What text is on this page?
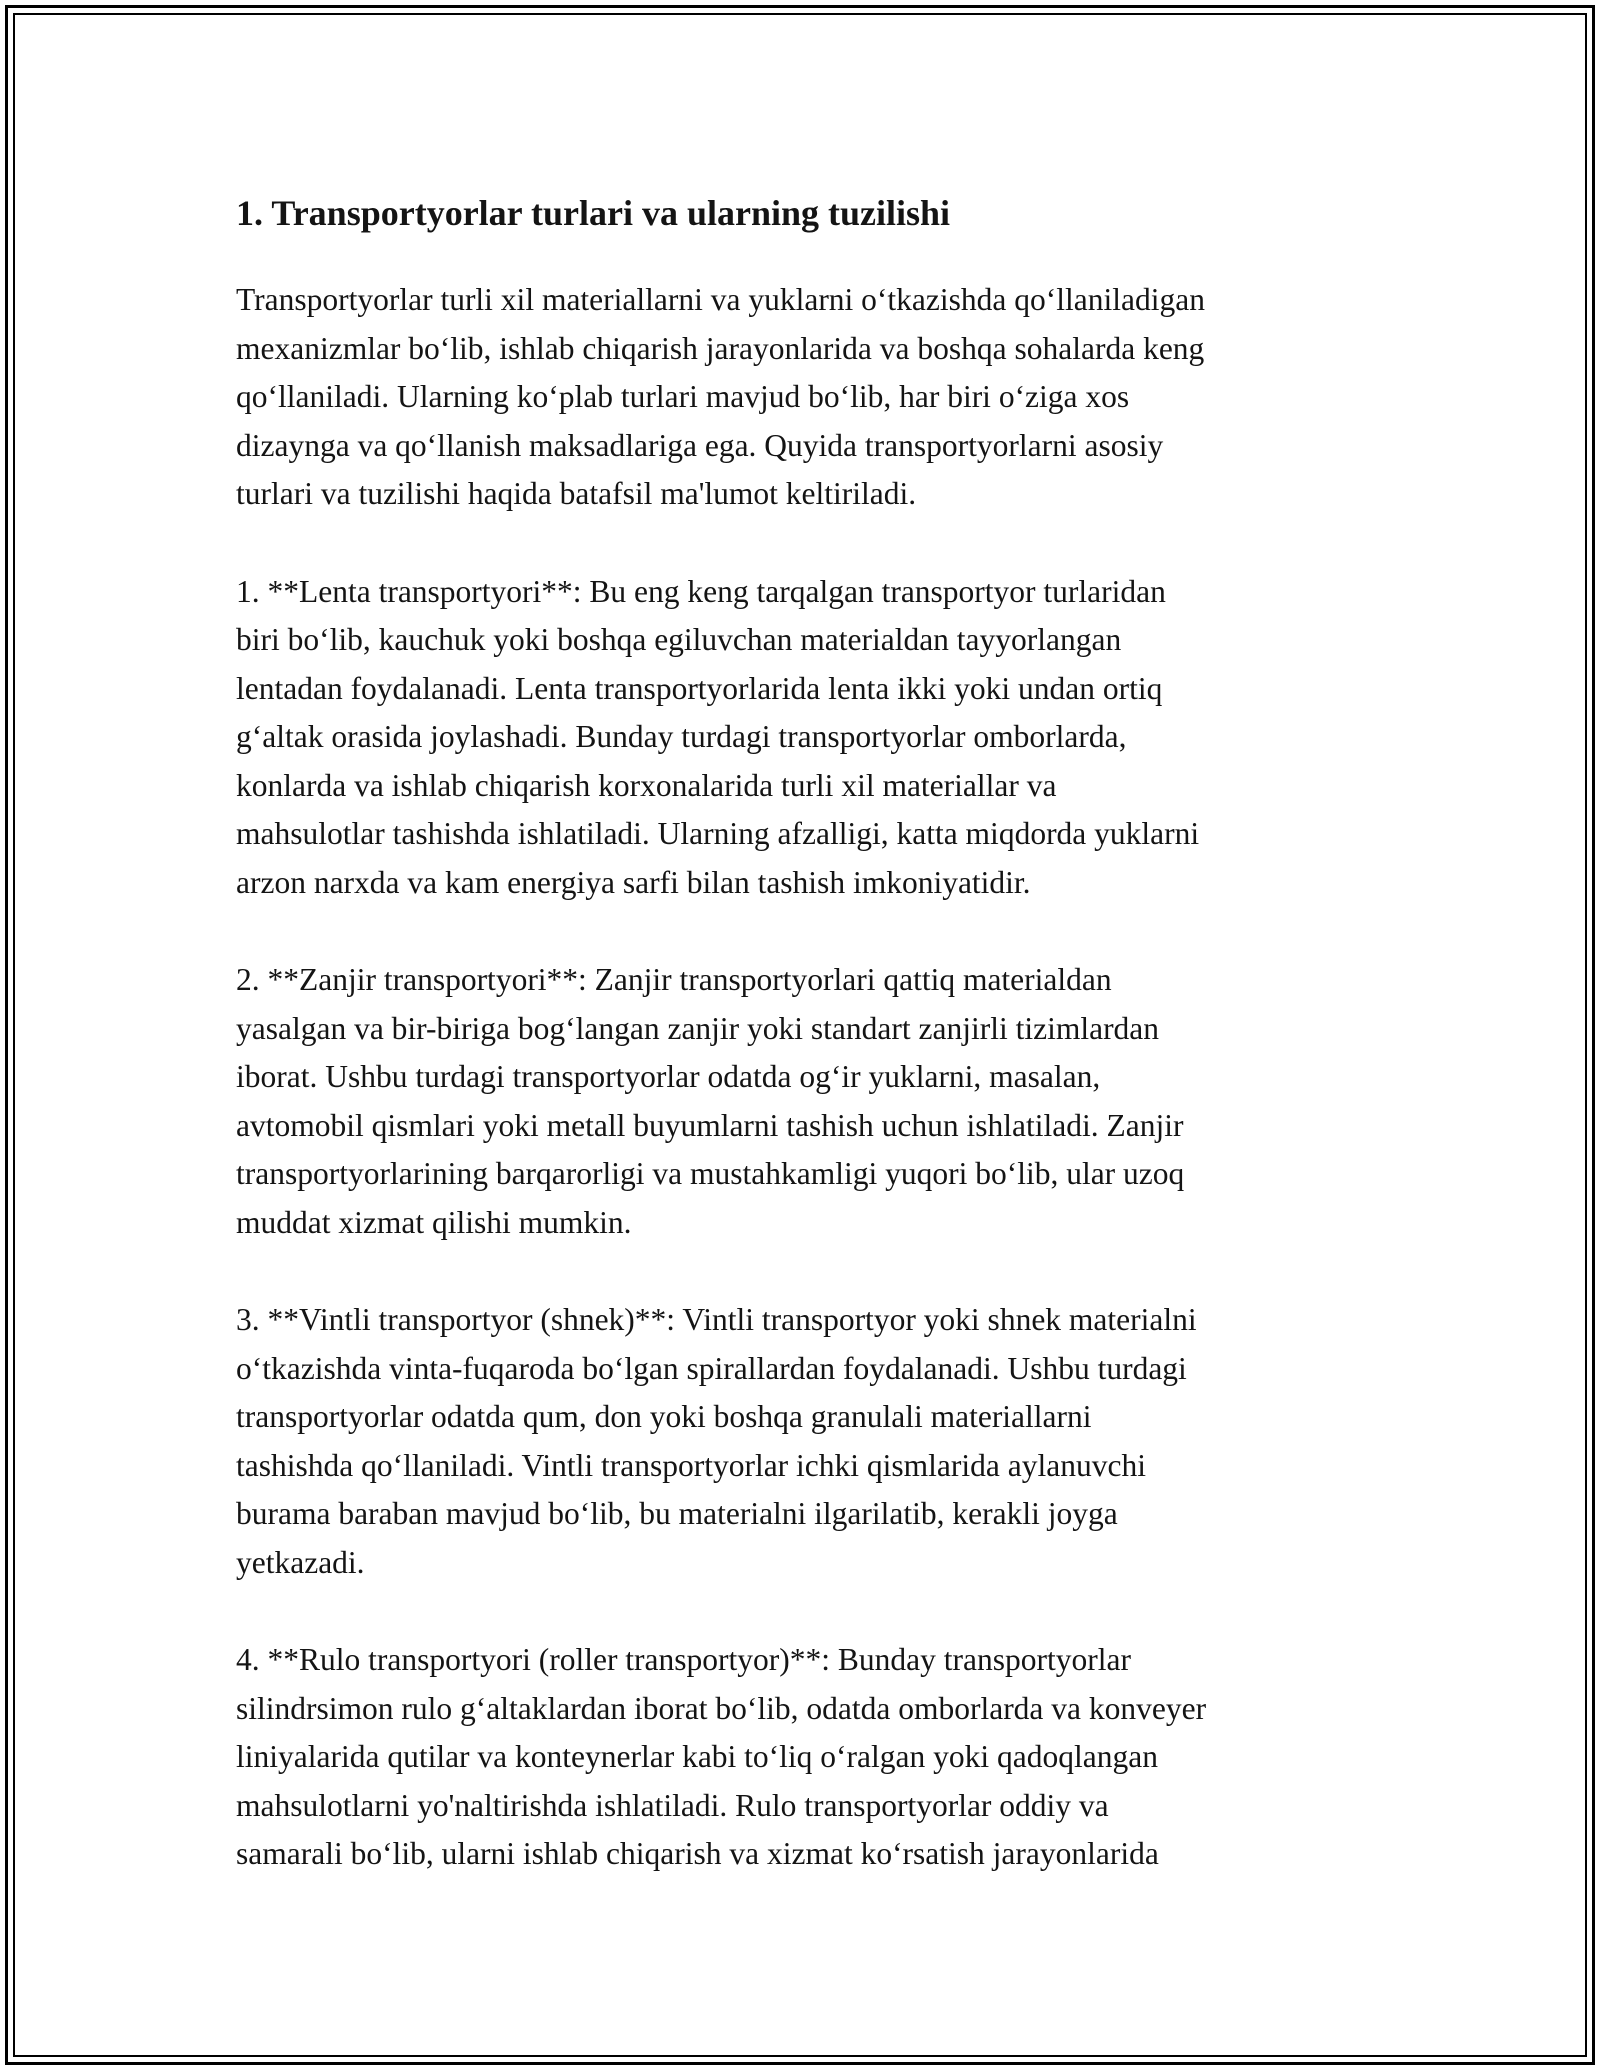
1. Transportyorlar turlari va ularning tuzilishi

Transportyorlar turli xil materiallarni va yuklarni o‘tkazishda qo‘llaniladigan
mexanizmlar bo‘lib, ishlab chiqarish jarayonlarida va boshqa sohalarda keng
qo‘llaniladi. Ularning ko‘plab turlari mavjud bo‘lib, har biri o‘ziga xos
dizaynga va qo‘llanish maksadlariga ega. Quyida transportyorlarni asosiy
turlari va tuzilishi haqida batafsil ma'lumot keltiriladi.

1. **Lenta transportyori**: Bu eng keng tarqalgan transportyor turlaridan
biri bo‘lib, kauchuk yoki boshqa egiluvchan materialdan tayyorlangan
lentadan foydalanadi. Lenta transportyorlarida lenta ikki yoki undan ortiq
g‘altak orasida joylashadi. Bunday turdagi transportyorlar omborlarda,
konlarda va ishlab chiqarish korxonalarida turli xil materiallar va
mahsulotlar tashishda ishlatiladi. Ularning afzalligi, katta miqdorda yuklarni
arzon narxda va kam energiya sarfi bilan tashish imkoniyatidir.

2. **Zanjir transportyori**: Zanjir transportyorlari qattiq materialdan
yasalgan va bir-biriga bog‘langan zanjir yoki standart zanjirli tizimlardan
iborat. Ushbu turdagi transportyorlar odatda og‘ir yuklarni, masalan,
avtomobil qismlari yoki metall buyumlarni tashish uchun ishlatiladi. Zanjir
transportyorlarining barqarorligi va mustahkamligi yuqori bo‘lib, ular uzoq
muddat xizmat qilishi mumkin.

3. **Vintli transportyor (shnek)**: Vintli transportyor yoki shnek materialni
o‘tkazishda vinta-fuqaroda bo‘lgan spirallardan foydalanadi. Ushbu turdagi
transportyorlar odatda qum, don yoki boshqa granulali materiallarni
tashishda qo‘llaniladi. Vintli transportyorlar ichki qismlarida aylanuvchi
burama baraban mavjud bo‘lib, bu materialni ilgarilatib, kerakli joyga
yetkazadi.

4. **Rulo transportyori (roller transportyor)**: Bunday transportyorlar
silindrsimon rulo g‘altaklardan iborat bo‘lib, odatda omborlarda va konveyer
liniyalarida qutilar va konteynerlar kabi to‘liq o‘ralgan yoki qadoqlangan
mahsulotlarni yo'naltirishda ishlatiladi. Rulo transportyorlar oddiy va
samarali bo‘lib, ularni ishlab chiqarish va xizmat ko‘rsatish jarayonlarida
